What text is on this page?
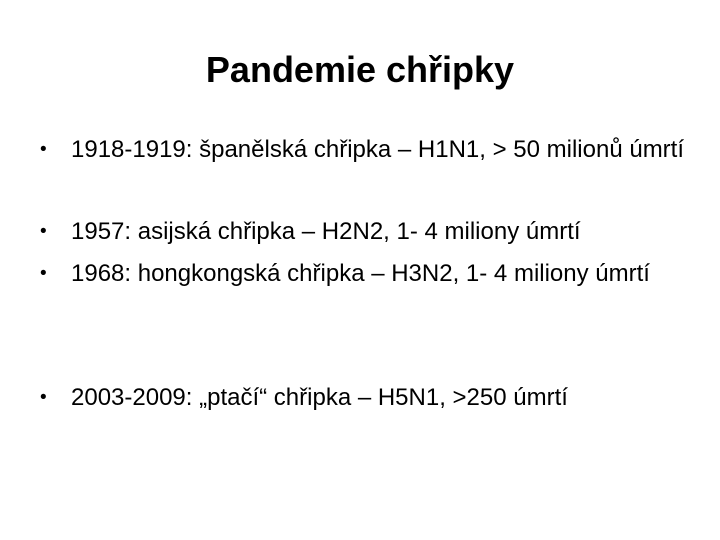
Pandemie chřipky
•	1918-1919: španělská chřipka – H1N1, > 50 milionů úmrtí
•	1957: asijská chřipka – H2N2, 1- 4 miliony úmrtí
•	1968: hongkongská chřipka – H3N2, 1- 4 miliony úmrtí
•	2003-2009: „ptačí“ chřipka – H5N1, >250 úmrtí
